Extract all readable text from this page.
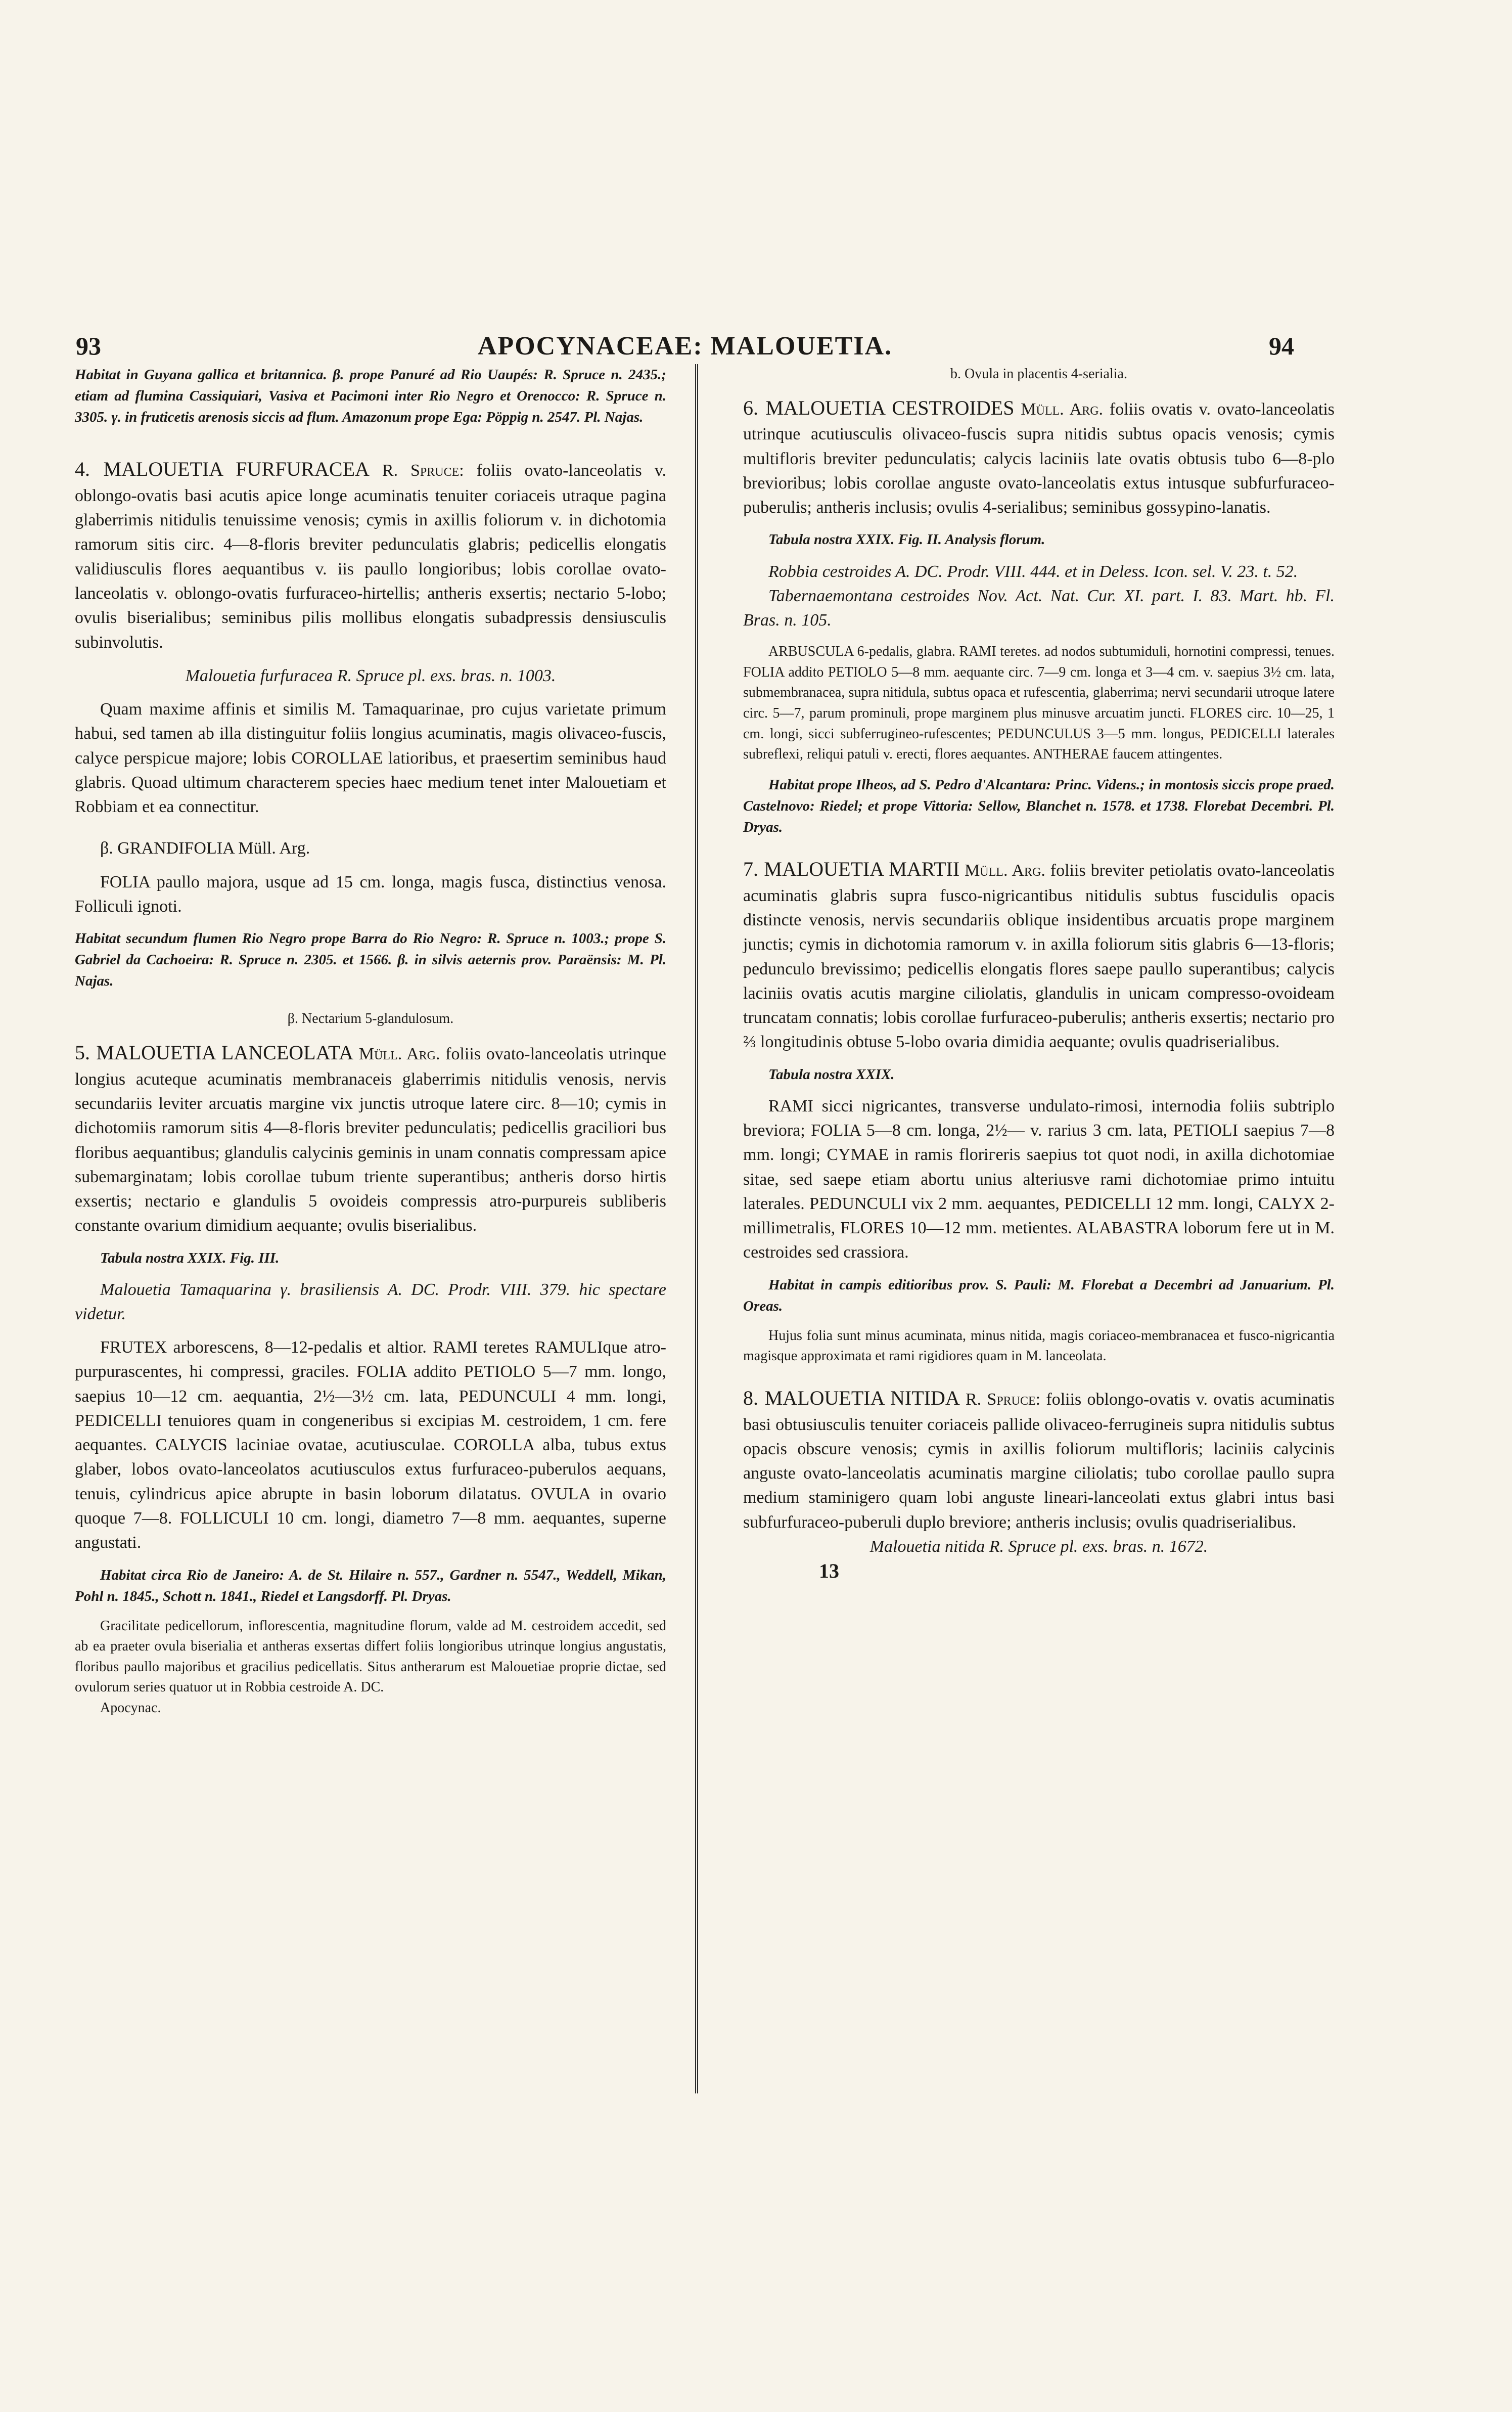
93	APOCYNACEAE: MALOUETIA.	94

Habitat in Guyana gallica et britannica. β. prope Panuré ad Rio Uaupés: R. Spruce n. 2435.; etiam ad flumina Cassiquiari, Vasiva et Pacimoni inter Rio Negro et Orenocco: R. Spruce n. 3305. γ. in fruticetis arenosis siccis ad flum. Amazonum prope Ega: Pöppig n. 2547. Pl. Najas.

4. MALOUETIA FURFURACEA R. Spruce: foliis ovato-lanceolatis v. oblongo-ovatis basi acutis apice longe acuminatis tenuiter coriaceis utraque pagina glaberrimis nitidulis tenuissime venosis; cymis in axillis foliorum v. in dichotomia ramorum sitis circ. 4—8-floris breviter pedunculatis glabris; pedicellis elongatis validiusculis flores aequantibus v. iis paullo longioribus; lobis corollae ovato-lanceolatis v. oblongo-ovatis furfuraceo-hirtellis; antheris exsertis; nectario 5-lobo; ovulis biserialibus; seminibus pilis mollibus elongatis subadpressis densiusculis subinvolutis.

Malouetia furfuracea R. Spruce pl. exs. bras. n. 1003.

Quam maxime affinis et similis M. Tamaquarinae, pro cujus varietate primum habui, sed tamen ab illa distinguitur foliis longius acuminatis, magis olivaceo-fuscis, calyce perspicue majore; lobis COROLLAE latioribus, et praesertim seminibus haud glabris. Quoad ultimum characterem species haec medium tenet inter Malouetiam et Robbiam et ea connectitur.

β. GRANDIFOLIA Müll. Arg.

FOLIA paullo majora, usque ad 15 cm. longa, magis fusca, distinctius venosa. Folliculi ignoti.

Habitat secundum flumen Rio Negro prope Barra do Rio Negro: R. Spruce n. 1003.; prope S. Gabriel da Cachoeira: R. Spruce n. 2305. et 1566. β. in silvis aeternis prov. Paraënsis: M. Pl. Najas.

β. Nectarium 5-glandulosum.

5. MALOUETIA LANCEOLATA Müll. Arg. foliis ovato-lanceolatis utrinque longius acuteque acuminatis membranaceis glaberrimis nitidulis venosis, nervis secundariis leviter arcuatis margine vix junctis utroque latere circ. 8—10; cymis in dichotomiis ramorum sitis 4—8-floris breviter pedunculatis; pedicellis graciliori bus floribus aequantibus; glandulis calycinis geminis in unam connatis compressam apice subemarginatam; lobis corollae tubum triente superantibus; antheris dorso hirtis exsertis; nectario e glandulis 5 ovoideis compressis atro-purpureis subliberis constante ovarium dimidium aequante; ovulis biserialibus.

Tabula nostra XXIX. Fig. III.

Malouetia Tamaquarina γ. brasiliensis A. DC. Prodr. VIII. 379. hic spectare videtur.

FRUTEX arborescens, 8—12-pedalis et altior. RAMI teretes RAMULIque atro-purpurascentes, hi compressi, graciles. FOLIA addito PETIOLO 5—7 mm. longo, saepius 10—12 cm. aequantia, 2½—3½ cm. lata, PEDUNCULI 4 mm. longi, PEDICELLI tenuiores quam in congeneribus si excipias M. cestroidem, 1 cm. fere aequantes. CALYCIS laciniae ovatae, acutiusculae. COROLLA alba, tubus extus glaber, lobos ovato-lanceolatos acutiusculos extus furfuraceo-puberulos aequans, tenuis, cylindricus apice abrupte in basin loborum dilatatus. OVULA in ovario quoque 7—8. FOLLICULI 10 cm. longi, diametro 7—8 mm. aequantes, superne angustati.

Habitat circa Rio de Janeiro: A. de St. Hilaire n. 557., Gardner n. 5547., Weddell, Mikan, Pohl n. 1845., Schott n. 1841., Riedel et Langsdorff. Pl. Dryas.

Gracilitate pedicellorum, inflorescentia, magnitudine florum, valde ad M. cestroidem accedit, sed ab ea praeter ovula biserialia et antheras exsertas differt foliis longioribus utrinque longius angustatis, floribus paullo majoribus et gracilius pedicellatis. Situs antherarum est Malouetiae proprie dictae, sed ovulorum series quatuor ut in Robbia cestroide A. DC.

Apocynac.

b. Ovula in placentis 4-serialia.

6. MALOUETIA CESTROIDES Müll. Arg. foliis ovatis v. ovato-lanceolatis utrinque acutiusculis olivaceo-fuscis supra nitidis subtus opacis venosis; cymis multifloris breviter pedunculatis; calycis laciniis late ovatis obtusis tubo 6—8-plo brevioribus; lobis corollae anguste ovato-lanceolatis extus intusque subfurfuraceo-puberulis; antheris inclusis; ovulis 4-serialibus; seminibus gossypino-lanatis.

Tabula nostra XXIX. Fig. II. Analysis florum.

Robbia cestroides A. DC. Prodr. VIII. 444. et in Deless. Icon. sel. V. 23. t. 52.

Tabernaemontana cestroides Nov. Act. Nat. Cur. XI. part. I. 83. Mart. hb. Fl. Bras. n. 105.

ARBUSCULA 6-pedalis, glabra. RAMI teretes. ad nodos subtumiduli, hornotini compressi, tenues. FOLIA addito PETIOLO 5—8 mm. aequante circ. 7—9 cm. longa et 3—4 cm. v. saepius 3½ cm. lata, submembranacea, supra nitidula, subtus opaca et rufescentia, glaberrima; nervi secundarii utroque latere circ. 5—7, parum prominuli, prope marginem plus minusve arcuatim juncti. FLORES circ. 10—25, 1 cm. longi, sicci subferrugineo-rufescentes; PEDUNCULUS 3—5 mm. longus, PEDICELLI laterales subreflexi, reliqui patuli v. erecti, flores aequantes. ANTHERAE faucem attingentes.

Habitat prope Ilheos, ad S. Pedro d'Alcantara: Princ. Videns.; in montosis siccis prope praed. Castelnovo: Riedel; et prope Vittoria: Sellow, Blanchet n. 1578. et 1738. Florebat Decembri. Pl. Dryas.

7. MALOUETIA MARTII Müll. Arg. foliis breviter petiolatis ovato-lanceolatis acuminatis glabris supra fusco-nigricantibus nitidulis subtus fuscidulis opacis distincte venosis, nervis secundariis oblique insidentibus arcuatis prope marginem junctis; cymis in dichotomia ramorum v. in axilla foliorum sitis glabris 6—13-floris; pedunculo brevissimo; pedicellis elongatis flores saepe paullo superantibus; calycis laciniis ovatis acutis margine ciliolatis, glandulis in unicam compresso-ovoideam truncatam connatis; lobis corollae furfuraceo-puberulis; antheris exsertis; nectario pro ⅔ longitudinis obtuse 5-lobo ovaria dimidia aequante; ovulis quadriserialibus.

Tabula nostra XXIX.

RAMI sicci nigricantes, transverse undulato-rimosi, internodia foliis subtriplo breviora; FOLIA 5—8 cm. longa, 2½— v. rarius 3 cm. lata, PETIOLI saepius 7—8 mm. longi; CYMAE in ramis floriгeris saepius tot quot nodi, in axilla dichotomiae sitae, sed saepe etiam abortu unius alteriusve rami dichotomiae primo intuitu laterales. PEDUNCULI vix 2 mm. aequantes, PEDICELLI 12 mm. longi, CALYX 2-millimetralis, FLORES 10—12 mm. metientes. ALABASTRA loborum fere ut in M. cestroides sed crassiora.

Habitat in campis editioribus prov. S. Pauli: M. Florebat a Decembri ad Januarium. Pl. Oreas.

Hujus folia sunt minus acuminata, minus nitida, magis coriaceo-membranacea et fusco-nigricantia magisque approximata et rami rigidiores quam in M. lanceolata.

8. MALOUETIA NITIDA R. Spruce: foliis oblongo-ovatis v. ovatis acuminatis basi obtusiusculis tenuiter coriaceis pallide olivaceo-ferrugineis supra nitidulis subtus opacis obscure venosis; cymis in axillis foliorum multifloris; laciniis calycinis anguste ovato-lanceolatis acuminatis margine ciliolatis; tubo corollae paullo supra medium staminigero quam lobi anguste lineari-lanceolati extus glabri intus basi subfurfuraceo-puberuli duplo breviore; antheris inclusis; ovulis quadriserialibus.

Malouetia nitida R. Spruce pl. exs. bras. n. 1672.

13
